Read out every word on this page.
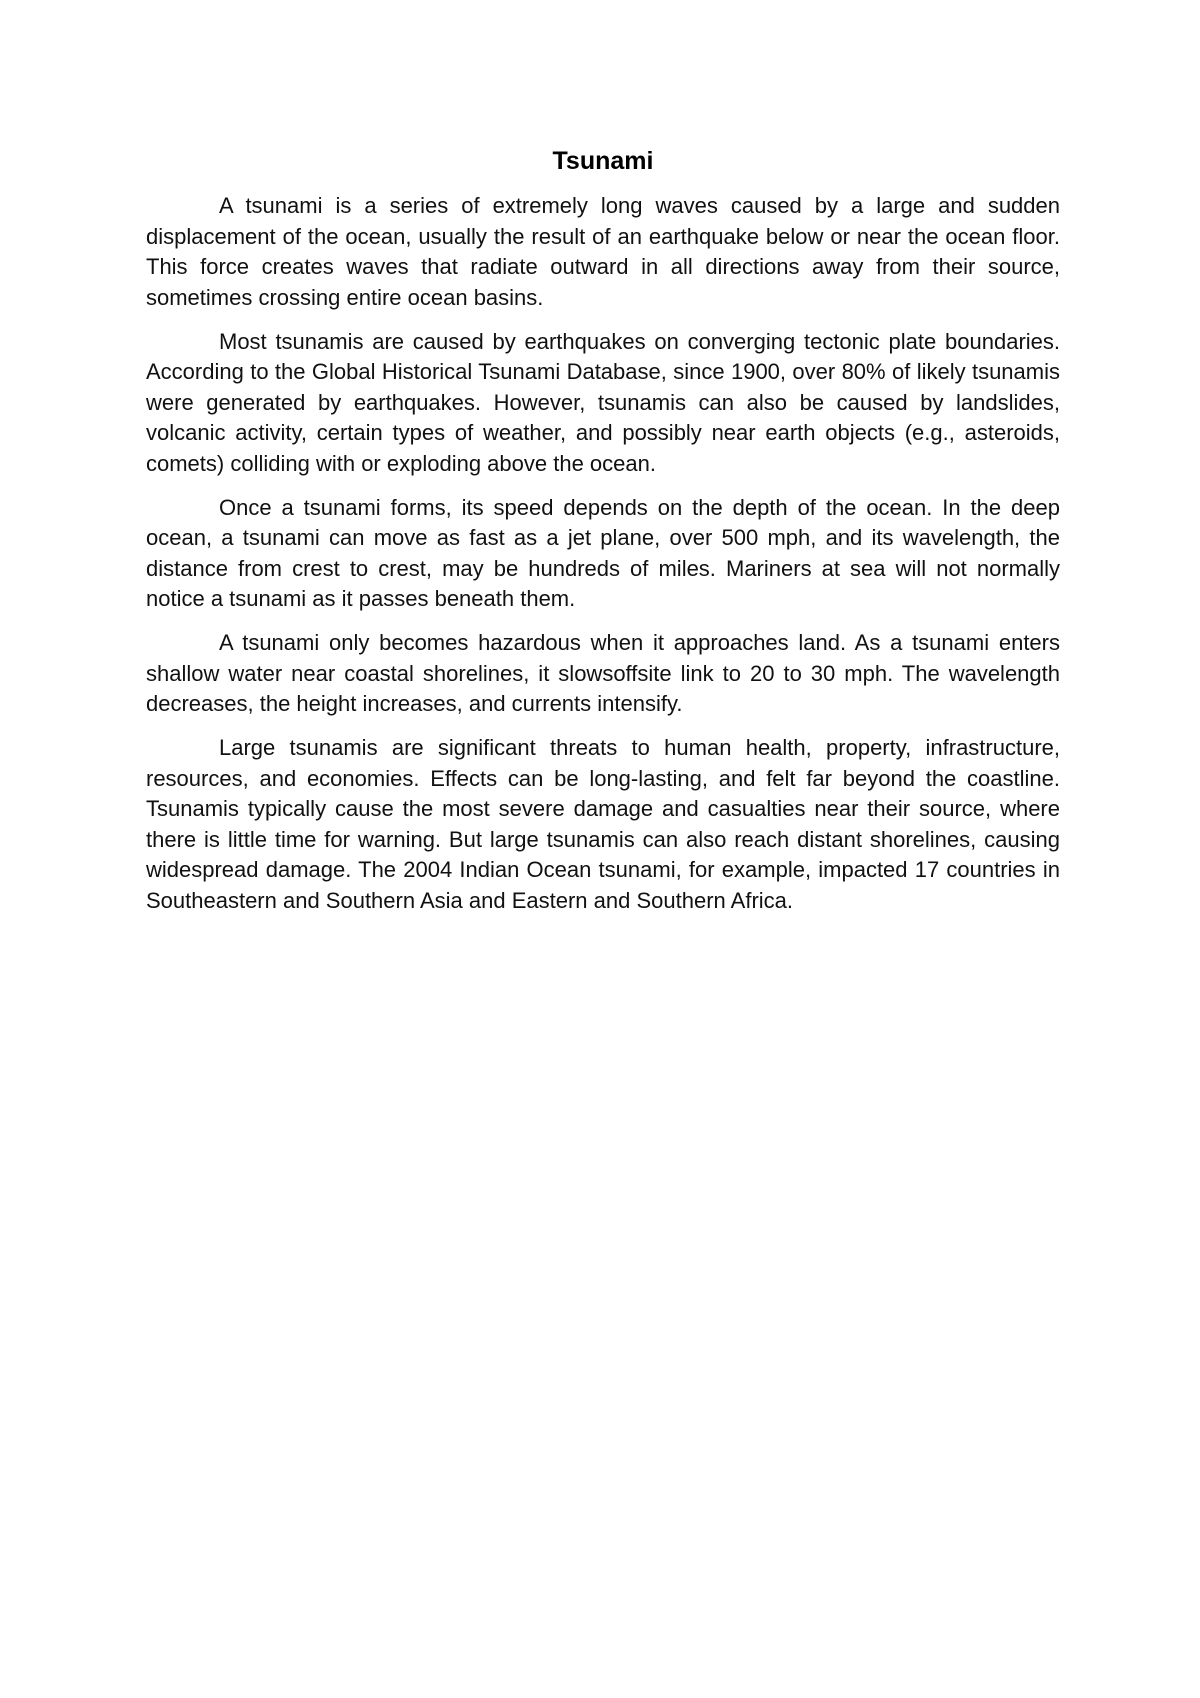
Tsunami

A tsunami is a series of extremely long waves caused by a large and sudden displacement of the ocean, usually the result of an earthquake below or near the ocean floor. This force creates waves that radiate outward in all directions away from their source, sometimes crossing entire ocean basins.

Most tsunamis are caused by earthquakes on converging tectonic plate boundaries. According to the Global Historical Tsunami Database, since 1900, over 80% of likely tsunamis were generated by earthquakes. However, tsunamis can also be caused by landslides, volcanic activity, certain types of weather, and possibly near earth objects (e.g., asteroids, comets) colliding with or exploding above the ocean.

Once a tsunami forms, its speed depends on the depth of the ocean. In the deep ocean, a tsunami can move as fast as a jet plane, over 500 mph, and its wavelength, the distance from crest to crest, may be hundreds of miles. Mariners at sea will not normally notice a tsunami as it passes beneath them.

A tsunami only becomes hazardous when it approaches land. As a tsunami enters shallow water near coastal shorelines, it slowsoffsite link to 20 to 30 mph. The wavelength decreases, the height increases, and currents intensify.

Large tsunamis are significant threats to human health, property, infrastructure, resources, and economies. Effects can be long-lasting, and felt far beyond the coastline. Tsunamis typically cause the most severe damage and casualties near their source, where there is little time for warning. But large tsunamis can also reach distant shorelines, causing widespread damage. The 2004 Indian Ocean tsunami, for example, impacted 17 countries in Southeastern and Southern Asia and Eastern and Southern Africa.
